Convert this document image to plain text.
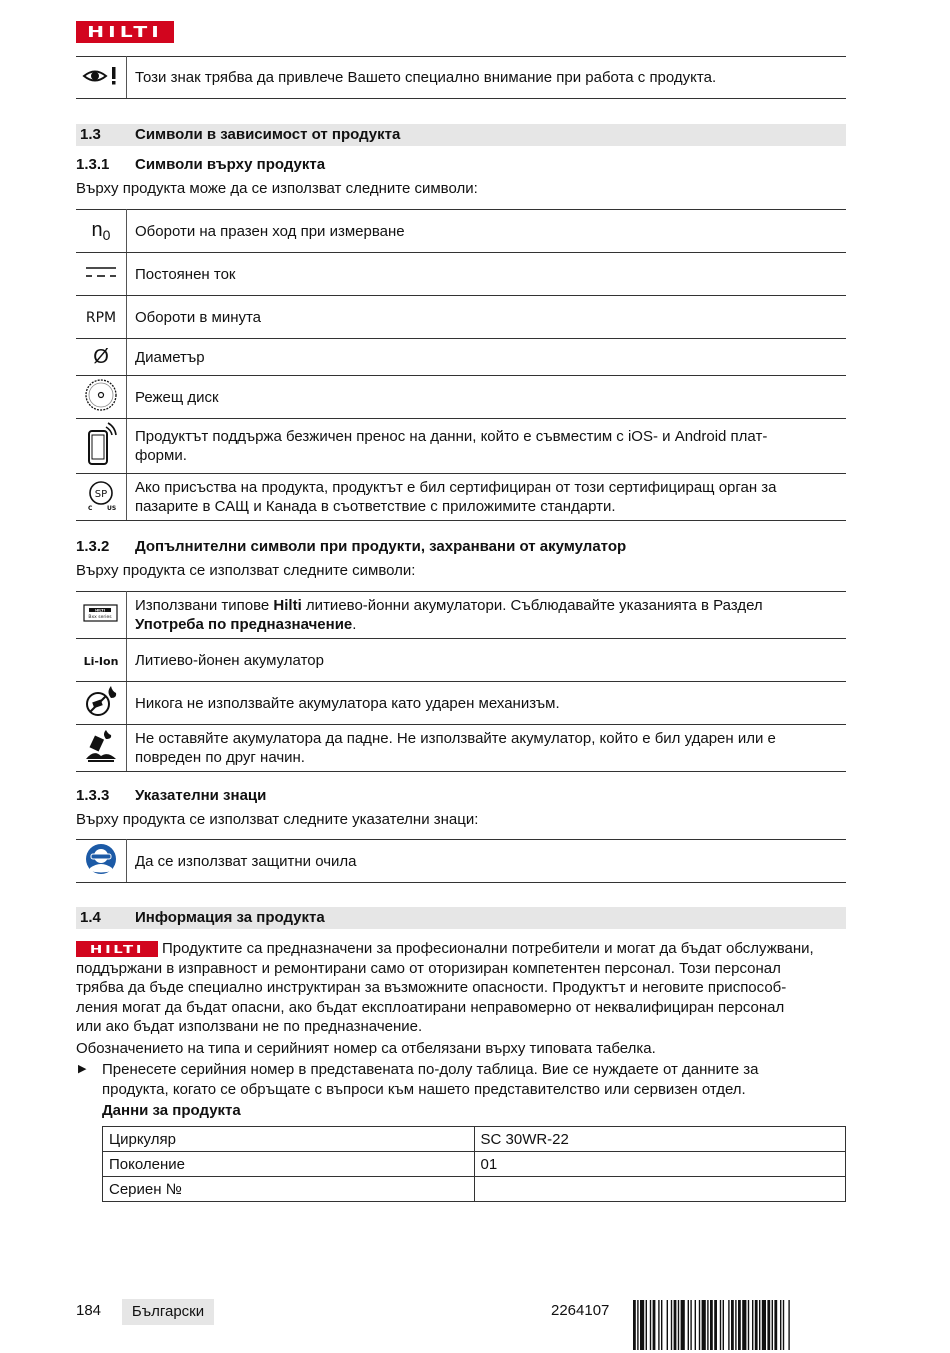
HILTI
	Този знак трябва да привлече Вашето специално внимание при работа с продукта.
1.3 Символи в зависимост от продукта
1.3.1 Символи върху продукта
Върху продукта може да се използват следните символи:
$n_0$	Обороти на празен ход при измерване
	Постоянен ток
RPM	Обороти в минута
Ø	Диаметър
	Режещ диск
	Продуктът поддържа безжичен пренос на данни, който е съвместим с iOS- и Android плат-
форми.

SP
C US	Ако присъства на продукта, продуктът е бил сертифициран от този сертифициращ орган за
пазарите в САЩ и Канада в съответствие с приложимите стандарти.
1.3.2 Допълнителни символи при продукти, захранвани от акумулатор
Върху продукта се използват следните символи:
HILTI
Bxx series	Използвани типове Hilti литиево-йонни акумулатори. Съблюдавайте указанията в Раздел
Употреба по предназначение.
Li-Ion	Литиево-йонен акумулатор
	Никога не използвайте акумулатора като ударен механизъм.
	Не оставяйте акумулатора да падне. Не използвайте акумулатор, който е бил ударен или е
повреден по друг начин.
1.3.3 Указателни знаци
Върху продукта се използват следните указателни знаци:
	Да се използват защитни очила
1.4 Информация за продукта
HILTI	Продуктите са предназначени за професионални потребители и могат да бъдат обслужвани,
поддържани в изправност и ремонтирани само от оторизиран компетентен персонал. Този персонал
трябва да бъде специално инструктиран за възможните опасности. Продуктът и неговите приспособ-
ления могат да бъдат опасни, ако бъдат експлоатирани неправомерно от неквалифициран персонал
или ако бъдат използвани не по предназначение.
Обозначението на типа и серийният номер са отбелязани върху типовата табелка.
▶ Пренесете серийния номер в представената по-долу таблица. Вие се нуждаете от данните за
продукта, когато се обръщате с въпроси към нашето представителство или сервизен отдел.
Данни за продукта
Циркуляр	SC 30WR-22
Поколение	01
Сериен №	
184	Български	2264107
